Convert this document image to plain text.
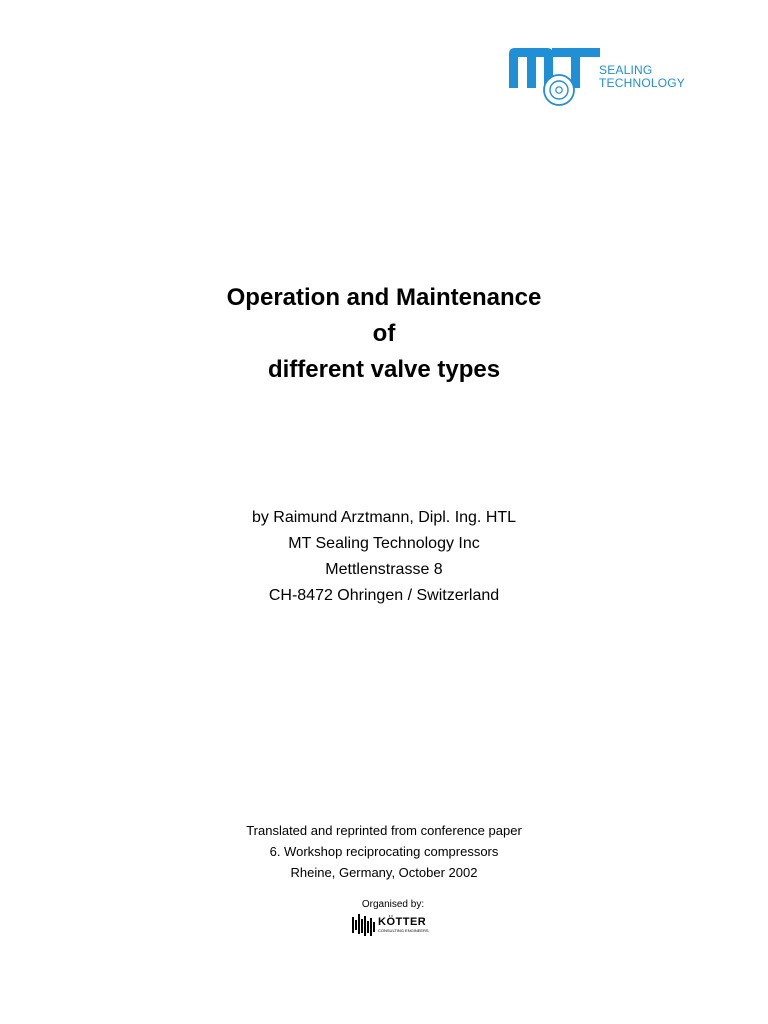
SEALING
TECHNOLOGY
Operation and Maintenance
of
different valve types
by Raimund Arztmann, Dipl. Ing. HTL
MT Sealing Technology Inc
Mettlenstrasse 8
CH-8472 Ohringen / Switzerland
Translated and reprinted from conference paper
6. Workshop reciprocating compressors
Rheine, Germany, October 2002
Organised by:
KÖTTER
CONSULTING ENGINEERS
